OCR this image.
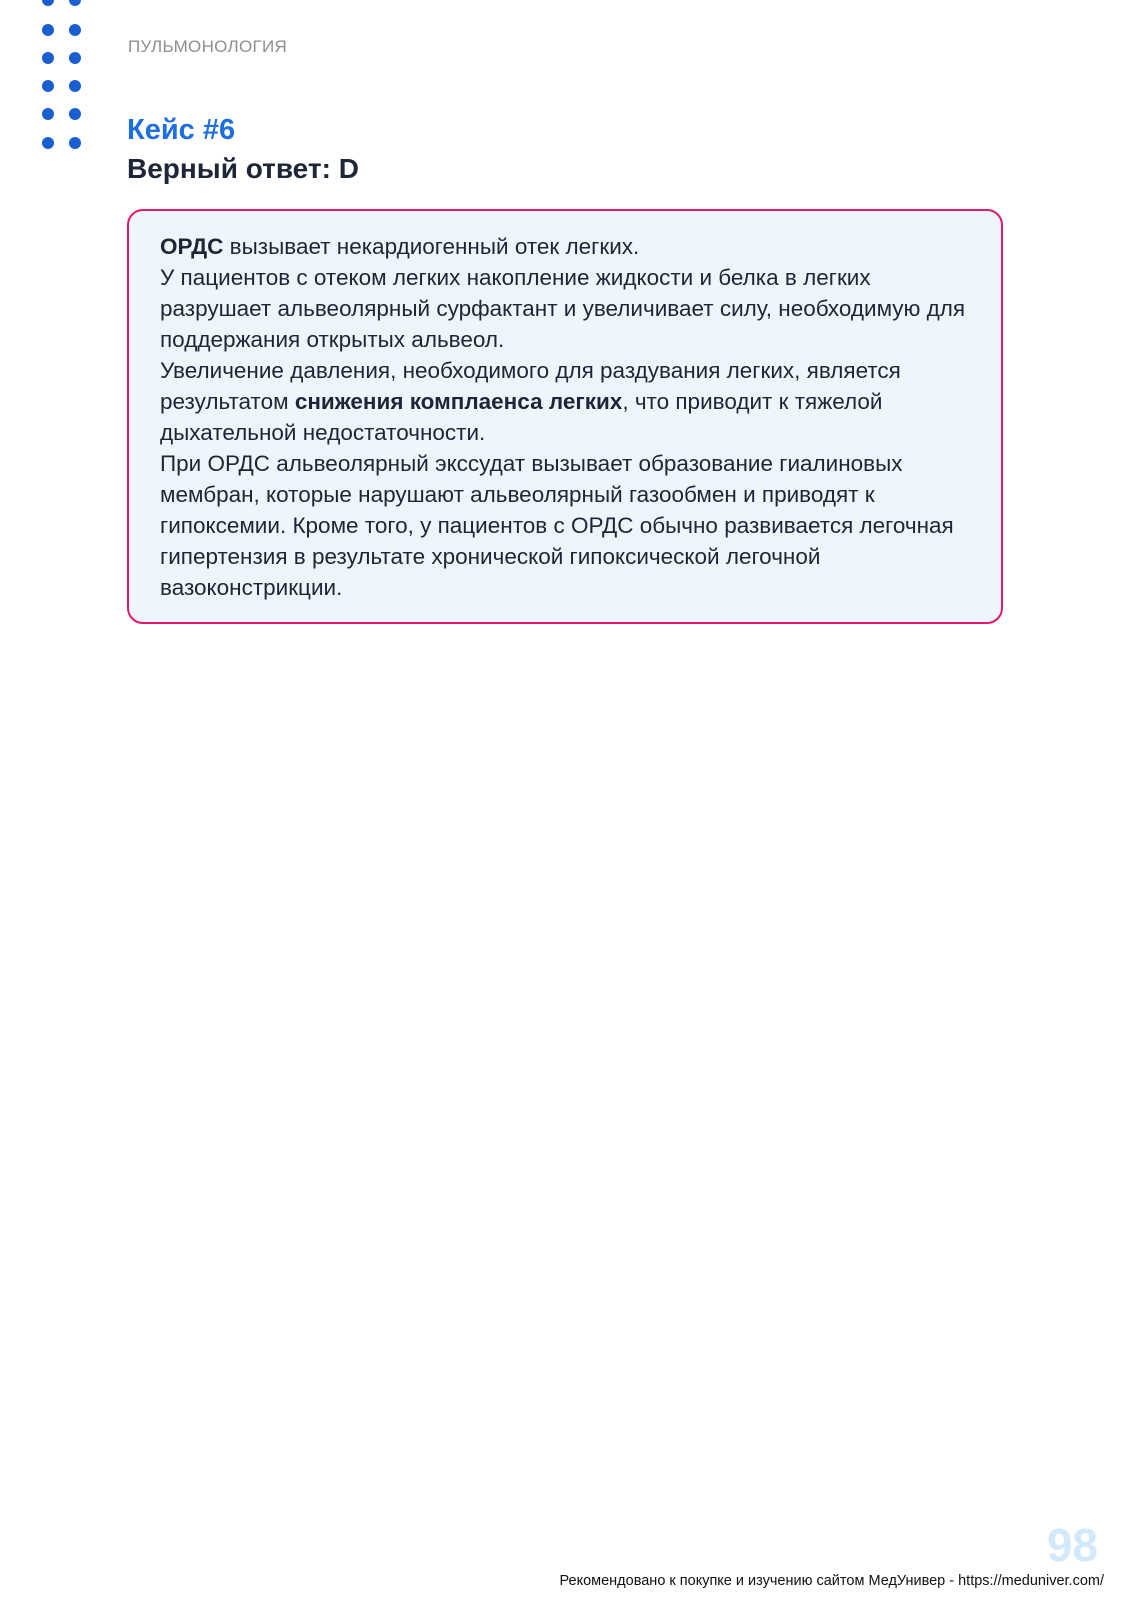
ПУЛЬМОНОЛОГИЯ
Кейс #6
Верный ответ: D

ОРДС вызывает некардиогенный отек легких.

У пациентов с отеком легких накопление жидкости и белка в легких разрушает альвеолярный сурфактант и увеличивает силу, необходимую для поддержания открытых альвеол.

Увеличение давления, необходимого для раздувания легких, является результатом снижения комплаенса легких, что приводит к тяжелой дыхательной недостаточности.

При ОРДС альвеолярный экссудат вызывает образование гиалиновых мембран, которые нарушают альвеолярный газообмен и приводят к гипоксемии. Кроме того, у пациентов с ОРДС обычно развивается легочная гипертензия в результате хронической гипоксической легочной вазоконстрикции.

98
Рекомендовано к покупке и изучению сайтом МедУнивер - https://meduniver.com/
